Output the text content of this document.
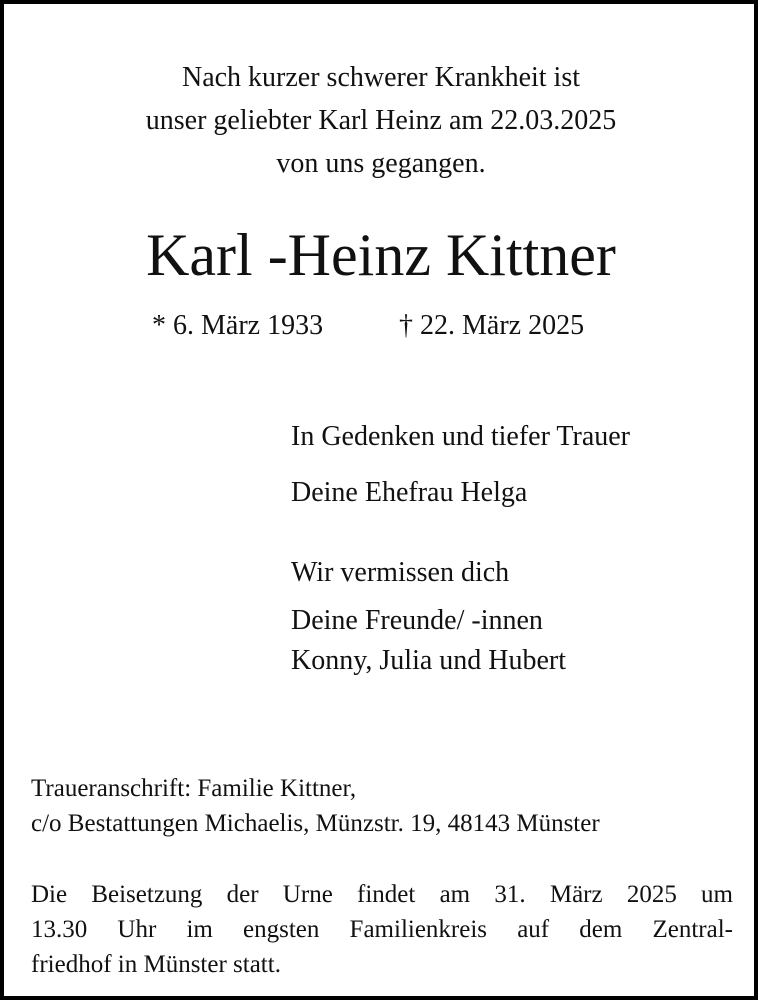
Nach kurzer schwerer Krankheit ist
unser geliebter Karl Heinz am 22.03.2025
von uns gegangen.
Karl -Heinz Kittner
* 6. März 1933	† 22. März 2025
In Gedenken und tiefer Trauer
Deine Ehefrau Helga
Wir vermissen dich
Deine Freunde/ -innen
Konny, Julia und Hubert
Traueranschrift: Familie Kittner,
c/o Bestattungen Michaelis, Münzstr. 19, 48143 Münster
Die Beisetzung der Urne findet am 31. März 2025 um
13.30 Uhr im engsten Familienkreis auf dem Zentral-
friedhof in Münster statt.
